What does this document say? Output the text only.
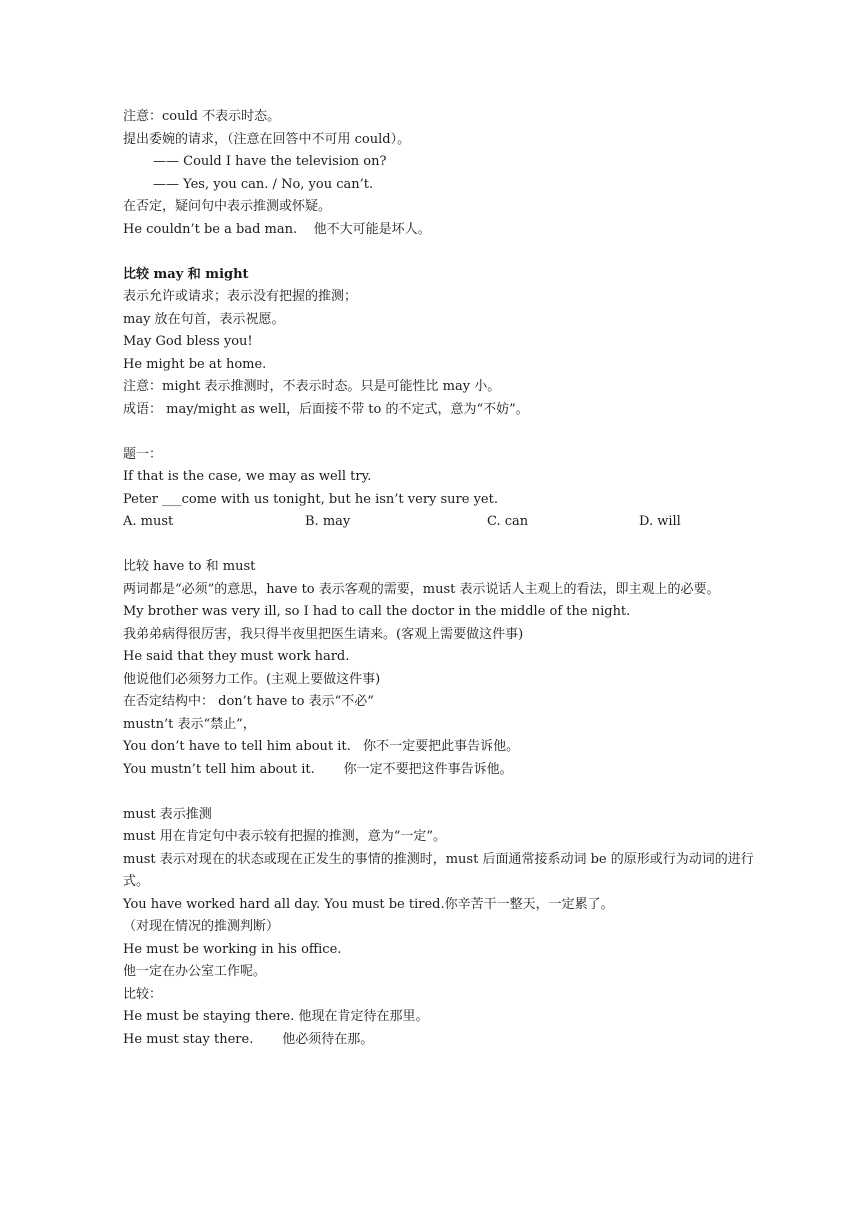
注意：could 不表示时态。

提出委婉的请求，（注意在回答中不可用 could）。

—— Could I have the television on?

—— Yes, you can. / No, you can’t.

在否定，疑问句中表示推测或怀疑。

He couldn’t be a bad man.    他不大可能是坏人。

比较 may 和 might

表示允许或请求；表示没有把握的推测；

may 放在句首，表示祝愿。

May God bless you!

He might be at home.

注意：might 表示推测时，不表示时态。只是可能性比 may 小。

成语： may/might as well，后面接不带 to 的不定式，意为“不妨”。

题一：

If that is the case, we may as well try.

Peter ___come with us tonight, but he isn’t very sure yet.

A. must	B. may	C. can	D. will

比较 have to 和 must

两词都是“必须”的意思，have to 表示客观的需要，must 表示说话人主观上的看法，即主观上的必要。

My brother was very ill, so I had to call the doctor in the middle of the night.

我弟弟病得很厉害，我只得半夜里把医生请来。(客观上需要做这件事)

He said that they must work hard.

他说他们必须努力工作。(主观上要做这件事)

在否定结构中： don’t have to 表示“不必”

mustn’t 表示“禁止”，

You don’t have to tell him about it.   你不一定要把此事告诉他。

You mustn’t tell him about it.       你一定不要把这件事告诉他。

must 表示推测

must 用在肯定句中表示较有把握的推测，意为“一定”。

must 表示对现在的状态或现在正发生的事情的推测时，must 后面通常接系动词 be 的原形或行为动词的进行式。

You have worked hard all day. You must be tired.你辛苦干一整天，一定累了。

（对现在情况的推测判断）

He must be working in his office.

他一定在办公室工作呢。

比较：

He must be staying there. 他现在肯定待在那里。

He must stay there.       他必须待在那。
